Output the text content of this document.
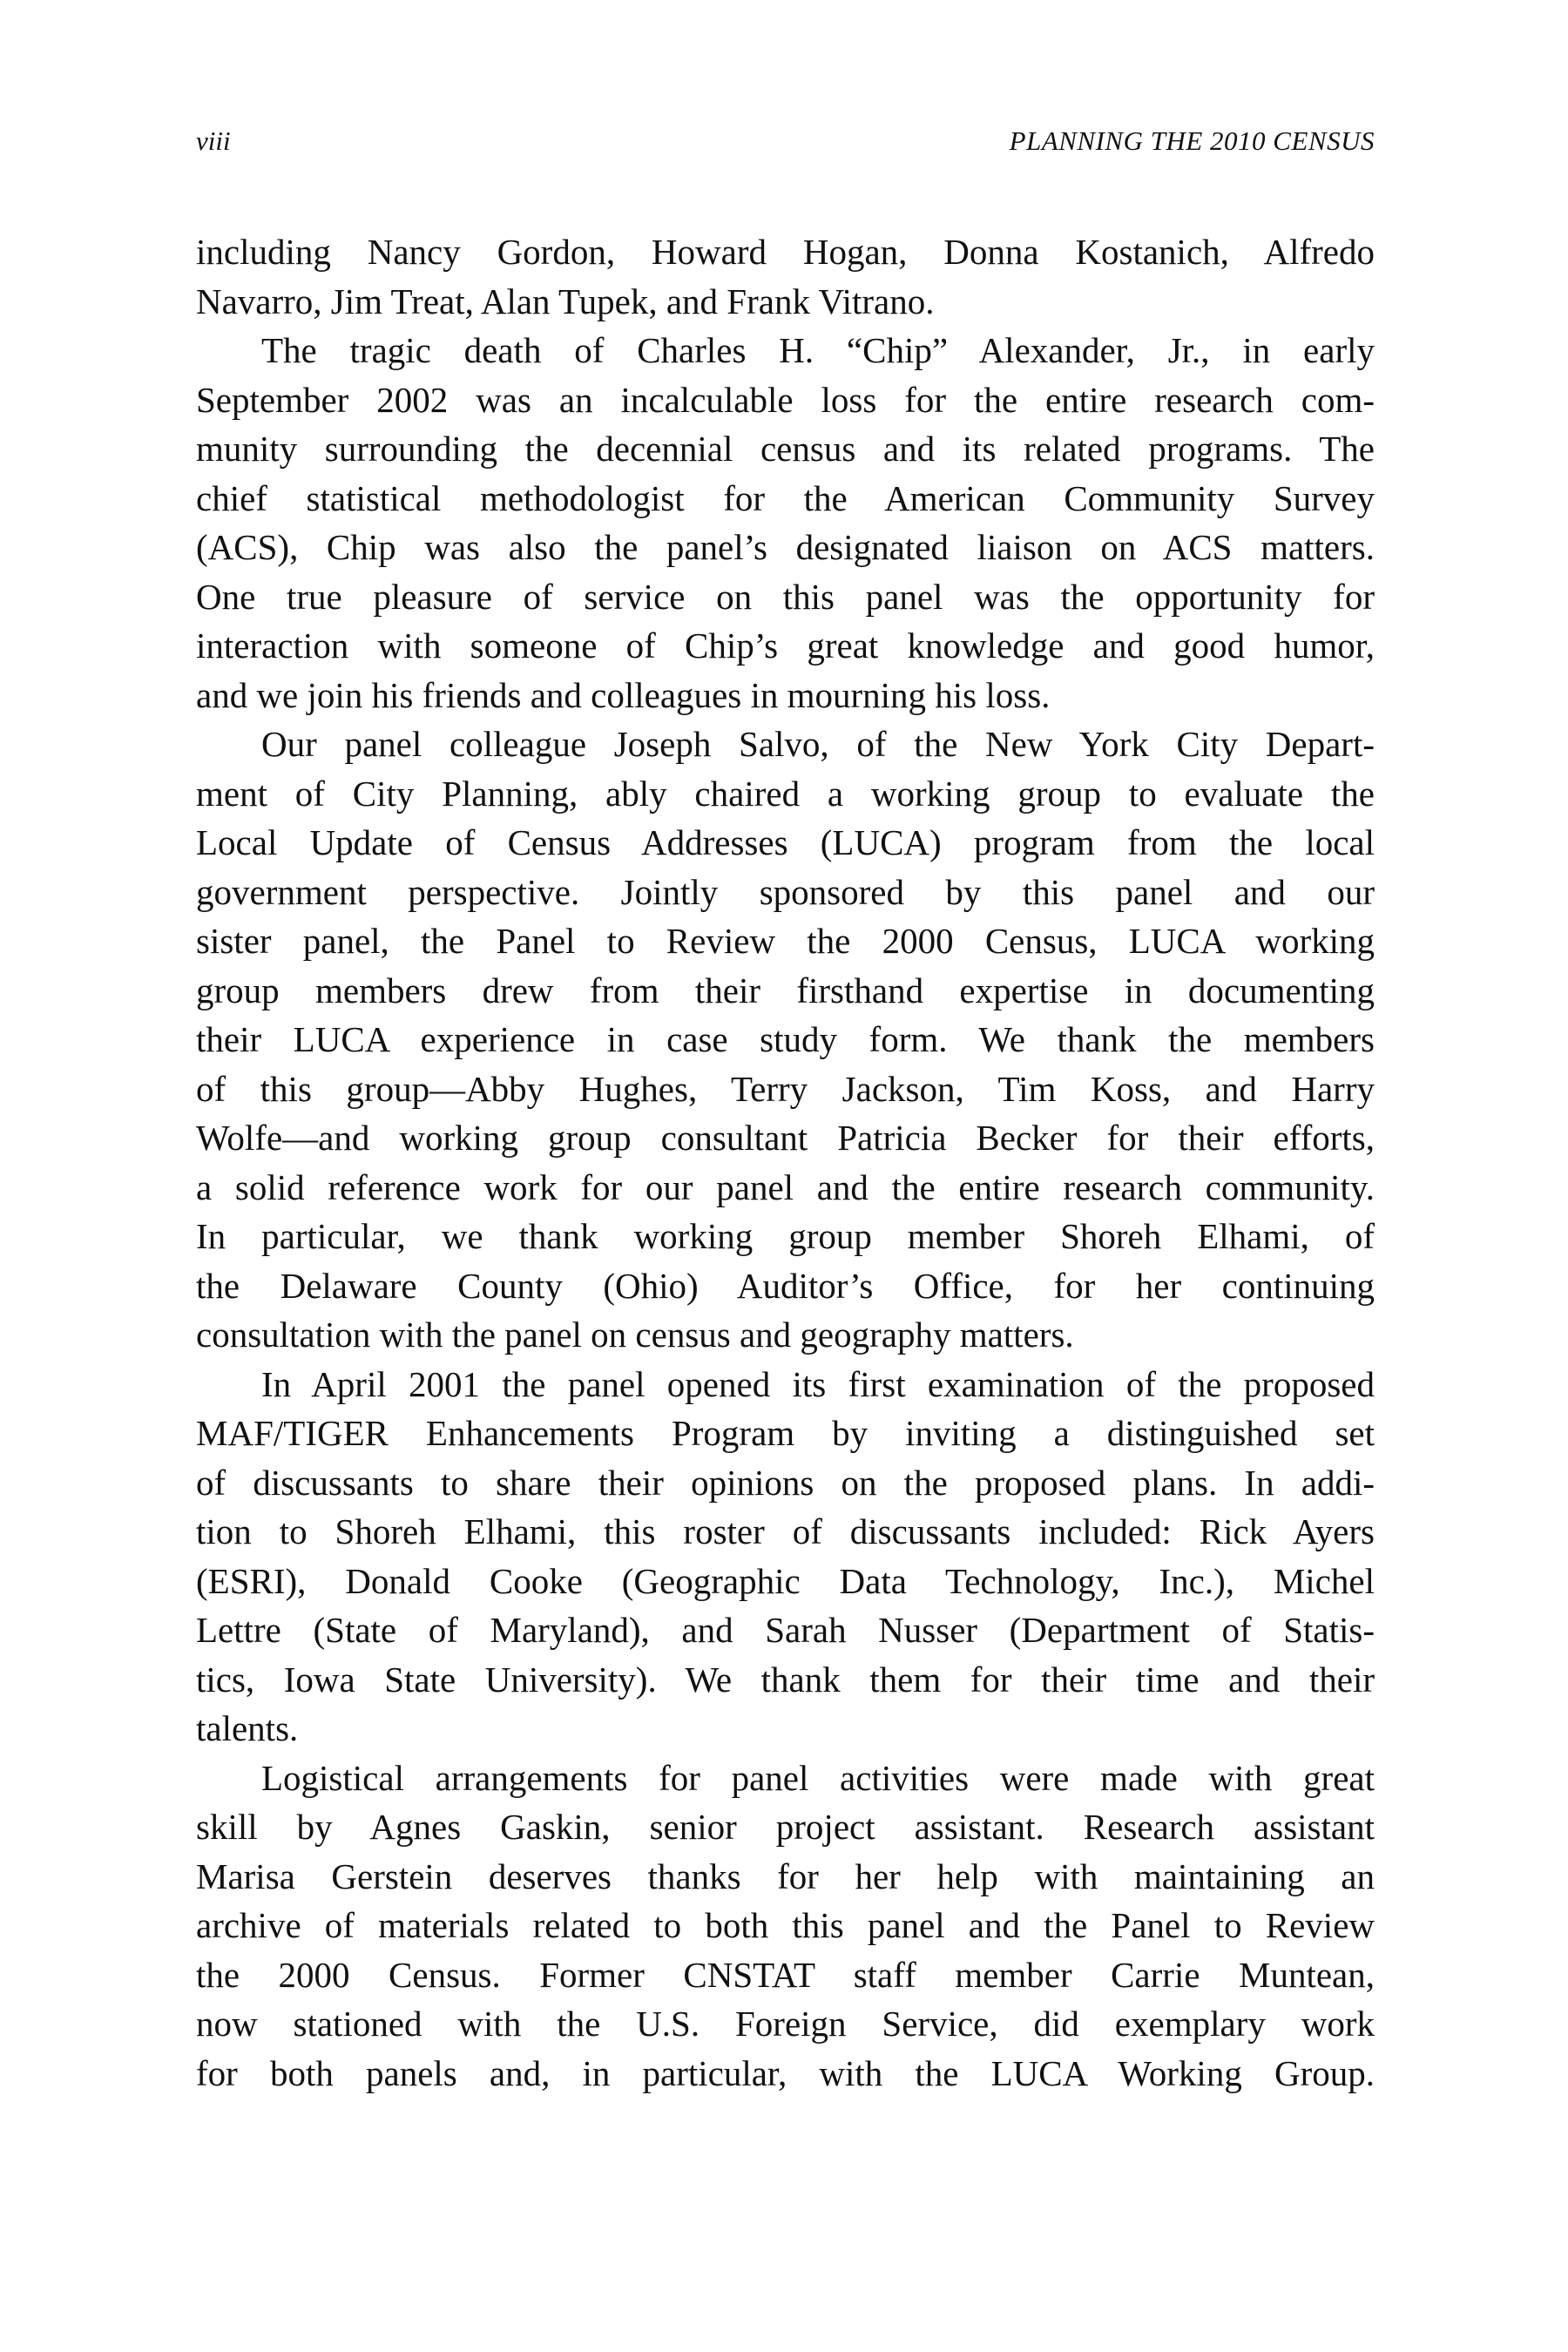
viii	PLANNING THE 2010 CENSUS
including Nancy Gordon, Howard Hogan, Donna Kostanich, Alfredo
Navarro, Jim Treat, Alan Tupek, and Frank Vitrano.
The tragic death of Charles H. “Chip” Alexander, Jr., in early
September 2002 was an incalculable loss for the entire research com-
munity surrounding the decennial census and its related programs. The
chief statistical methodologist for the American Community Survey
(ACS), Chip was also the panel’s designated liaison on ACS matters.
One true pleasure of service on this panel was the opportunity for
interaction with someone of Chip’s great knowledge and good humor,
and we join his friends and colleagues in mourning his loss.
Our panel colleague Joseph Salvo, of the New York City Depart-
ment of City Planning, ably chaired a working group to evaluate the
Local Update of Census Addresses (LUCA) program from the local
government perspective. Jointly sponsored by this panel and our
sister panel, the Panel to Review the 2000 Census, LUCA working
group members drew from their firsthand expertise in documenting
their LUCA experience in case study form. We thank the members
of this group—Abby Hughes, Terry Jackson, Tim Koss, and Harry
Wolfe—and working group consultant Patricia Becker for their efforts,
a solid reference work for our panel and the entire research community.
In particular, we thank working group member Shoreh Elhami, of
the Delaware County (Ohio) Auditor’s Office, for her continuing
consultation with the panel on census and geography matters.
In April 2001 the panel opened its first examination of the proposed
MAF/TIGER Enhancements Program by inviting a distinguished set
of discussants to share their opinions on the proposed plans. In addi-
tion to Shoreh Elhami, this roster of discussants included: Rick Ayers
(ESRI), Donald Cooke (Geographic Data Technology, Inc.), Michel
Lettre (State of Maryland), and Sarah Nusser (Department of Statis-
tics, Iowa State University). We thank them for their time and their
talents.
Logistical arrangements for panel activities were made with great
skill by Agnes Gaskin, senior project assistant. Research assistant
Marisa Gerstein deserves thanks for her help with maintaining an
archive of materials related to both this panel and the Panel to Review
the 2000 Census. Former CNSTAT staff member Carrie Muntean,
now stationed with the U.S. Foreign Service, did exemplary work
for both panels and, in particular, with the LUCA Working Group.
